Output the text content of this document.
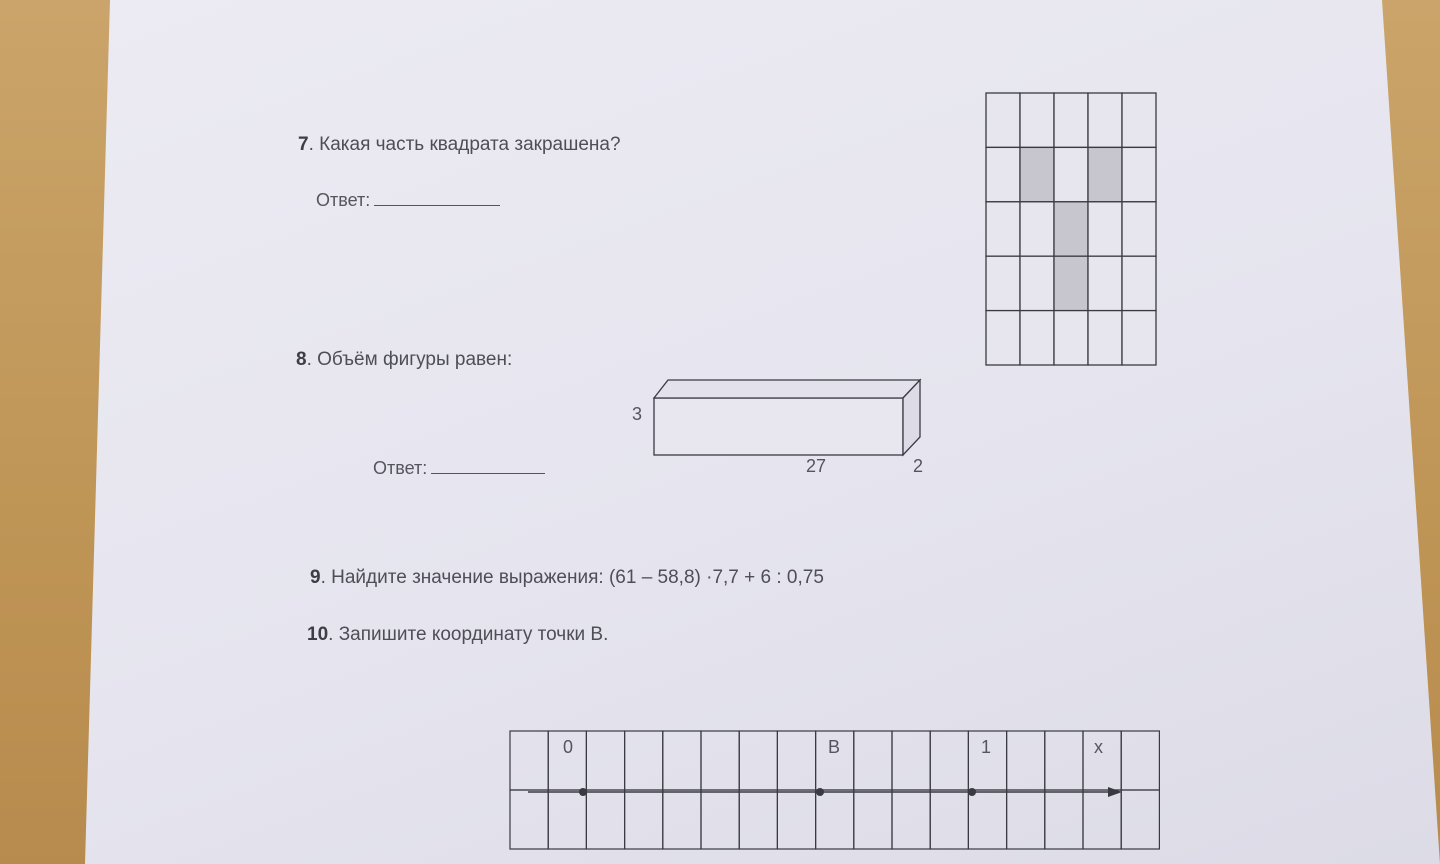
7. Какая часть квадрата закрашена?
Ответ:
8. Объём фигуры равен:
Ответ:
9. Найдите значение выражения: (61 – 58,8) ·7,7 + 6 : 0,75
10. Запишите координату точки В.
3
27	2
0	B	1	x
